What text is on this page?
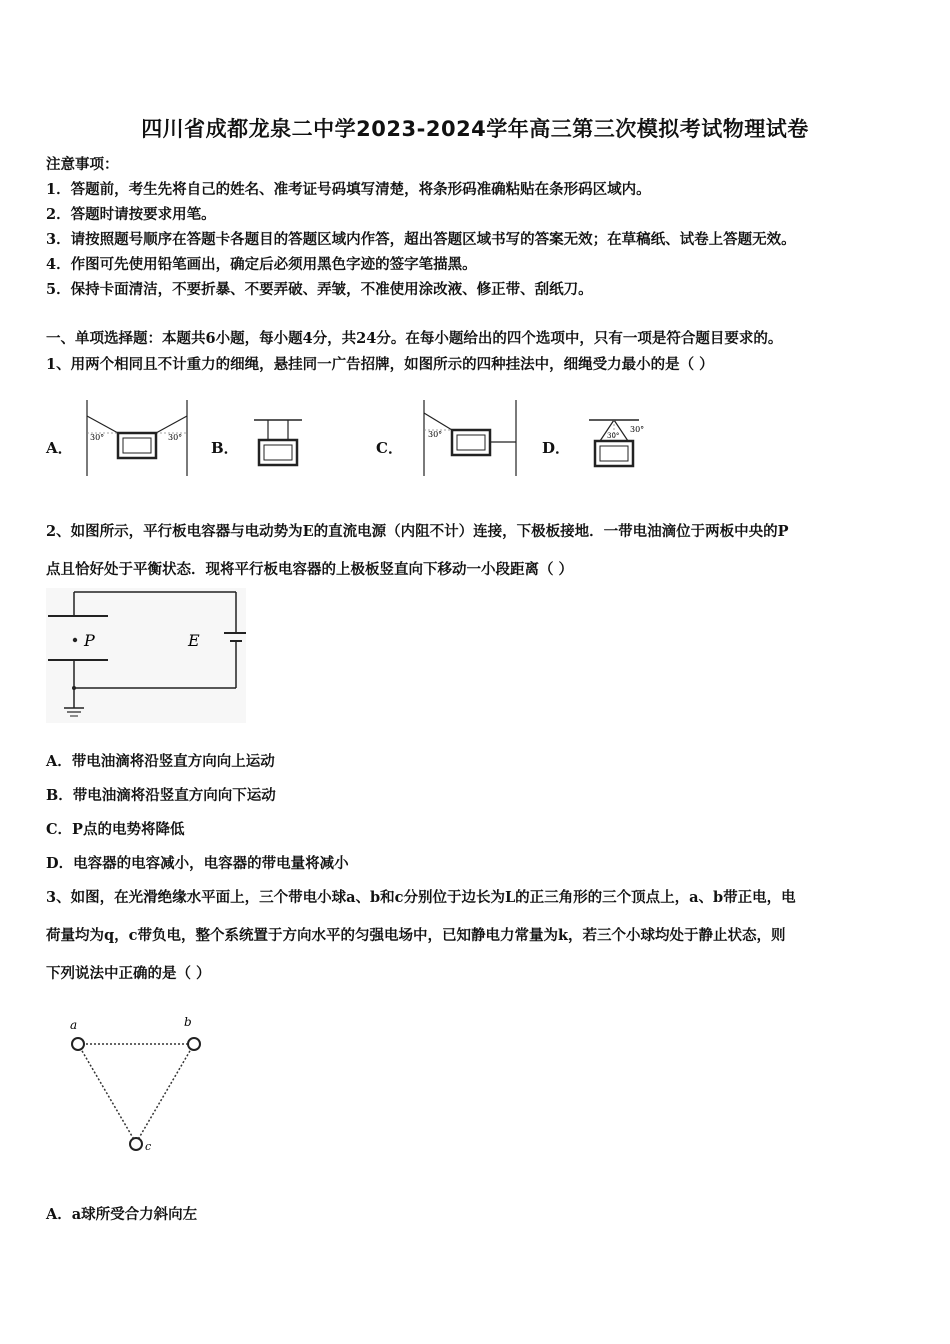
四川省成都龙泉二中学2023-2024学年高三第三次模拟考试物理试卷
注意事项：
1．答题前，考生先将自己的姓名、准考证号码填写清楚，将条形码准确粘贴在条形码区域内。
2．答题时请按要求用笔。
3．请按照题号顺序在答题卡各题目的答题区域内作答，超出答题区域书写的答案无效；在草稿纸、试卷上答题无效。
4．作图可先使用铅笔画出，确定后必须用黑色字迹的签字笔描黑。
5．保持卡面清洁，不要折暴、不要弄破、弄皱，不准使用涂改液、修正带、刮纸刀。
一、单项选择题：本题共6小题，每小题4分，共24分。在每小题给出的四个选项中，只有一项是符合题目要求的。
1、用两个相同且不计重力的细绳，悬挂同一广告招牌，如图所示的四种挂法中，细绳受力最小的是（ ）
A．
30°	30°
B．	C．
30°
D．
30°
30°
2、如图所示，平行板电容器与电动势为E的直流电源（内阻不计）连接，下极板接地．一带电油滴位于两板中央的P
点且恰好处于平衡状态．现将平行板电容器的上极板竖直向下移动一小段距离（ ）
P	E
A．带电油滴将沿竖直方向向上运动
B．带电油滴将沿竖直方向向下运动
C．P点的电势将降低
D．电容器的电容减小，电容器的带电量将减小
3、如图，在光滑绝缘水平面上，三个带电小球a、b和c分别位于边长为L的正三角形的三个顶点上，a、b带正电，电
荷量均为q，c带负电，整个系统置于方向水平的匀强电场中，已知静电力常量为k，若三个小球均处于静止状态，则
下列说法中正确的是（ ）
a	b
c
A．a球所受合力斜向左
